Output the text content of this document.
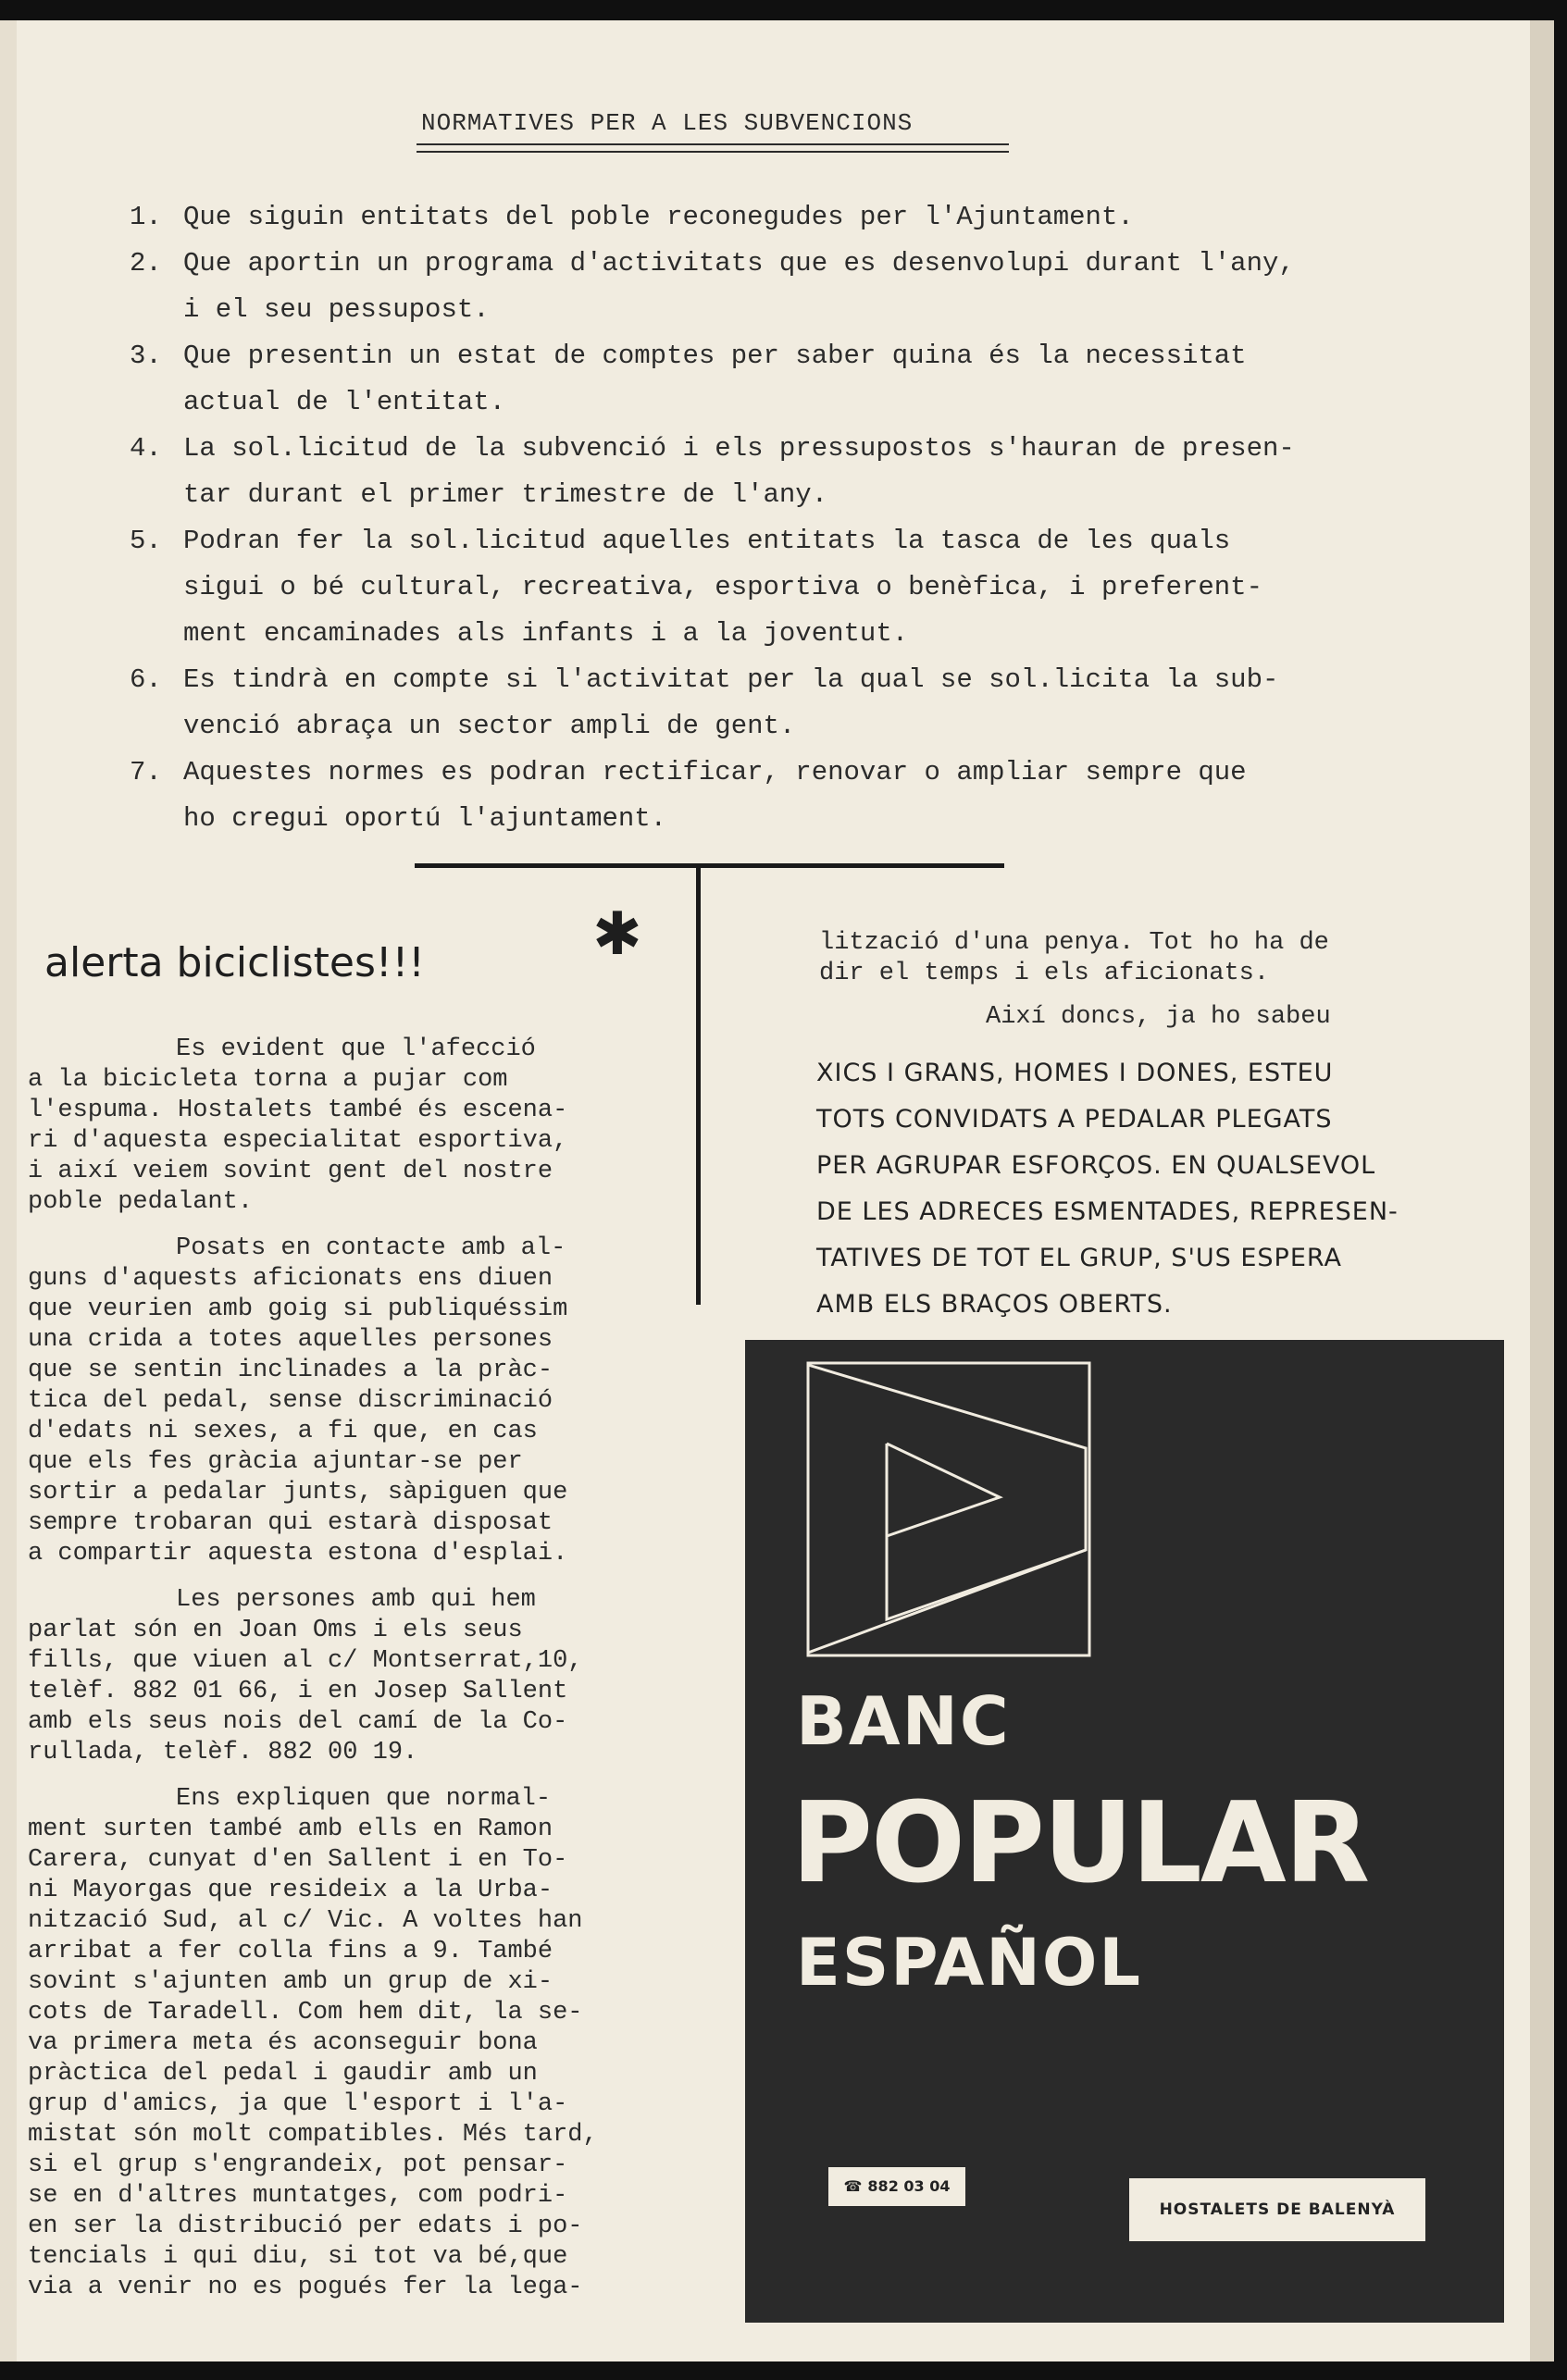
NORMATIVES PER A LES SUBVENCIONS
1. Que siguin entitats del poble reconegudes per l'Ajuntament.
2. Que aportin un programa d'activitats que es desenvolupi durant l'any,
i el seu pessupost.
3. Que presentin un estat de comptes per saber quina és la necessitat
actual de l'entitat.
4. La sol.licitud de la subvenció i els pressupostos s'hauran de presen-
tar durant el primer trimestre de l'any.
5. Podran fer la sol.licitud aquelles entitats la tasca de les quals
sigui o bé cultural, recreativa, esportiva o benèfica, i preferent-
ment encaminades als infants i a la joventut.
6. Es tindrà en compte si l'activitat per la qual se sol.licita la sub-
venció abraça un sector ampli de gent.
7. Aquestes normes es podran rectificar, renovar o ampliar sempre que
ho cregui oportú l'ajuntament.
✱
alerta biciclistes!!!
Es evident que l'afecció
a la bicicleta torna a pujar com
l'espuma. Hostalets també és escena-
ri d'aquesta especialitat esportiva,
i així veiem sovint gent del nostre
poble pedalant.
Posats en contacte amb al-
guns d'aquests aficionats ens diuen
que veurien amb goig si publiquéssim
una crida a totes aquelles persones
que se sentin inclinades a la pràc-
tica del pedal, sense discriminació
d'edats ni sexes, a fi que, en cas
que els fes gràcia ajuntar-se per
sortir a pedalar junts, sàpiguen que
sempre trobaran qui estarà disposat
a compartir aquesta estona d'esplai.
Les persones amb qui hem
parlat són en Joan Oms i els seus
fills, que viuen al c/ Montserrat,10,
telèf. 882 01 66, i en Josep Sallent
amb els seus nois del camí de la Co-
rullada, telèf. 882 00 19.
Ens expliquen que normal-
ment surten també amb ells en Ramon
Carera, cunyat d'en Sallent i en To-
ni Mayorgas que resideix a la Urba-
nització Sud, al c/ Vic. A voltes han
arribat a fer colla fins a 9. També
sovint s'ajunten amb un grup de xi-
cots de Taradell. Com hem dit, la se-
va primera meta és aconseguir bona
pràctica del pedal i gaudir amb un
grup d'amics, ja que l'esport i l'a-
mistat són molt compatibles. Més tard,
si el grup s'engrandeix, pot pensar-
se en d'altres muntatges, com podri-
en ser la distribució per edats i po-
tencials i qui diu, si tot va bé,que
via a venir no es pogués fer la lega-
lització d'una penya. Tot ho ha de
dir el temps i els aficionats.
Així doncs, ja ho sabeu
XICS I GRANS, HOMES I DONES, ESTEU
TOTS CONVIDATS A PEDALAR PLEGATS
PER AGRUPAR ESFORÇOS. EN QUALSEVOL
DE LES ADRECES ESMENTADES, REPRESEN-
TATIVES DE TOT EL GRUP, S'US ESPERA
AMB ELS BRAÇOS OBERTS.
BANC
POPULAR
ESPAÑOL
☎ 882 03 04
HOSTALETS DE BALENYÀ
